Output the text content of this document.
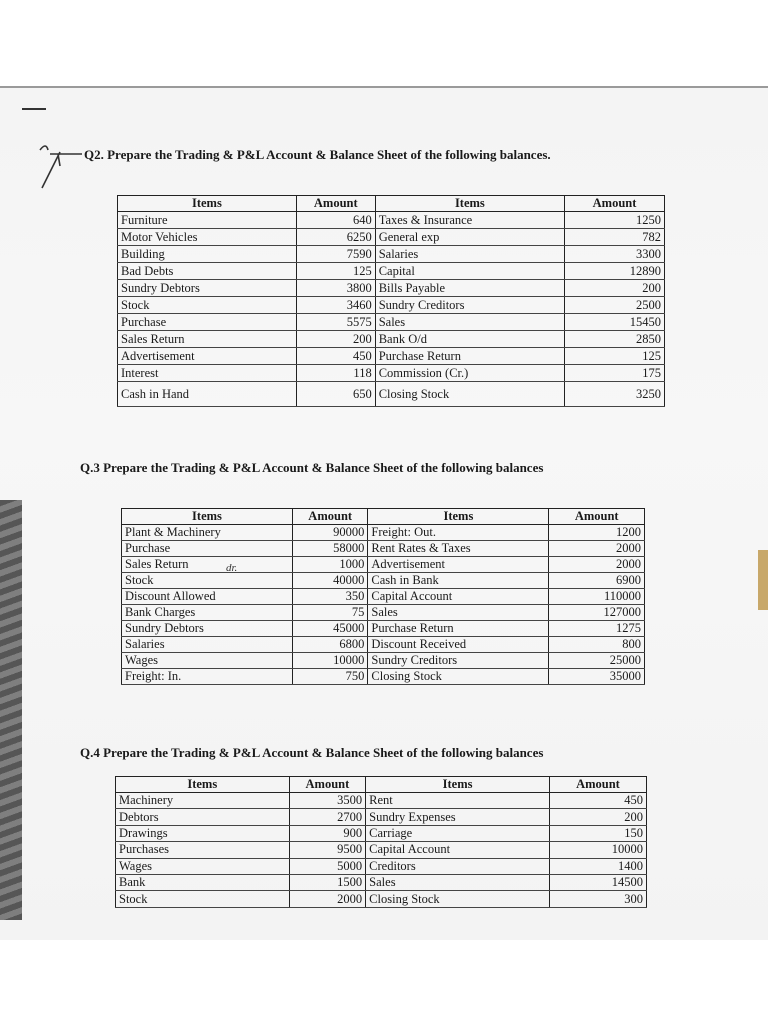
Q2. Prepare the Trading & P&L Account & Balance Sheet of the following balances.
Items	Amount	Items	Amount
Furniture	640	Taxes & Insurance	1250
Motor Vehicles	6250	General exp	782
Building	7590	Salaries	3300
Bad Debts	125	Capital	12890
Sundry Debtors	3800	Bills Payable	200
Stock	3460	Sundry Creditors	2500
Purchase	5575	Sales	15450
Sales Return	200	Bank O/d	2850
Advertisement	450	Purchase Return	125
Interest	118	Commission (Cr.)	175
Cash in Hand	650	Closing Stock	3250
Q.3 Prepare the Trading & P&L Account & Balance Sheet of the following balances
Items	Amount	Items	Amount
Plant & Machinery	90000	Freight: Out.	1200
Purchase	58000	Rent Rates & Taxes	2000
Sales Return	1000	Advertisement	2000
Stock	40000	Cash in Bank	6900
Discount Allowed	350	Capital Account	110000
Bank Charges	75	Sales	127000
Sundry Debtors	45000	Purchase Return	1275
Salaries	6800	Discount Received	800
Wages	10000	Sundry Creditors	25000
Freight: In.	750	Closing Stock	35000
dr.
Q.4 Prepare the Trading & P&L Account & Balance Sheet of the following balances
Items	Amount	Items	Amount
Machinery	3500	Rent	450
Debtors	2700	Sundry Expenses	200
Drawings	900	Carriage	150
Purchases	9500	Capital Account	10000
Wages	5000	Creditors	1400
Bank	1500	Sales	14500
Stock	2000	Closing Stock	300
